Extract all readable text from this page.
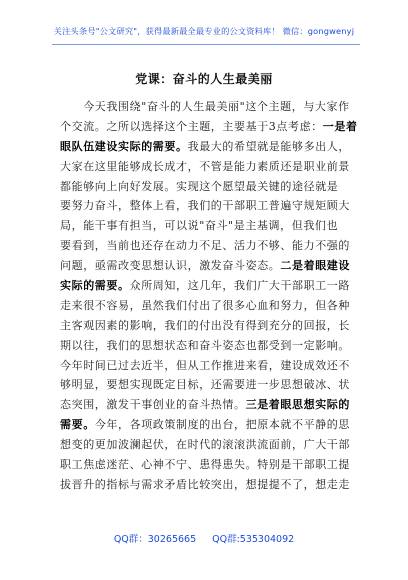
关注头条号"公文研究"，获得最新最全最专业的公文资料库！ 微信：gongwenyj
党课：奋斗的人生最美丽
　　今天我围绕"奋斗的人生最美丽"这个主题，与大家作
个交流。之所以选择这个主题，主要基于3点考虑：一是着
眼队伍建设实际的需要。我最大的希望就是能够多出人，
大家在这里能够成长成才，不管是能力素质还是职业前景
都能够向上向好发展。实现这个愿望最关键的途径就是
要努力奋斗，整体上看，我们的干部职工普遍守规矩顾大
局，能干事有担当，可以说"奋斗"是主基调，但我们也
要看到，当前也还存在动力不足、活力不够、能力不强的
问题，亟需改变思想认识，激发奋斗姿态。二是着眼建设
实际的需要。众所周知，这几年，我们广大干部职工一路
走来很不容易，虽然我们付出了很多心血和努力，但各种
主客观因素的影响，我们的付出没有得到充分的回报，长
期以往，我们的思想状态和奋斗姿态也都受到一定影响。
今年时间已过去近半，但从工作推进来看，建设成效还不
够明显，要想实现既定目标，还需要进一步思想破冰、状
态突围，激发干事创业的奋斗热情。三是着眼思想实际的
需要。今年，各项政策制度的出台，把原本就不平静的思
想变的更加波澜起伏，在时代的滚滚洪流面前，广大干部
职工焦虑迷茫、心神不宁、患得患失。特别是干部职工提
拔晋升的指标与需求矛盾比较突出，想提提不了，想走走
QQ群：30265665 QQ群:535304092
